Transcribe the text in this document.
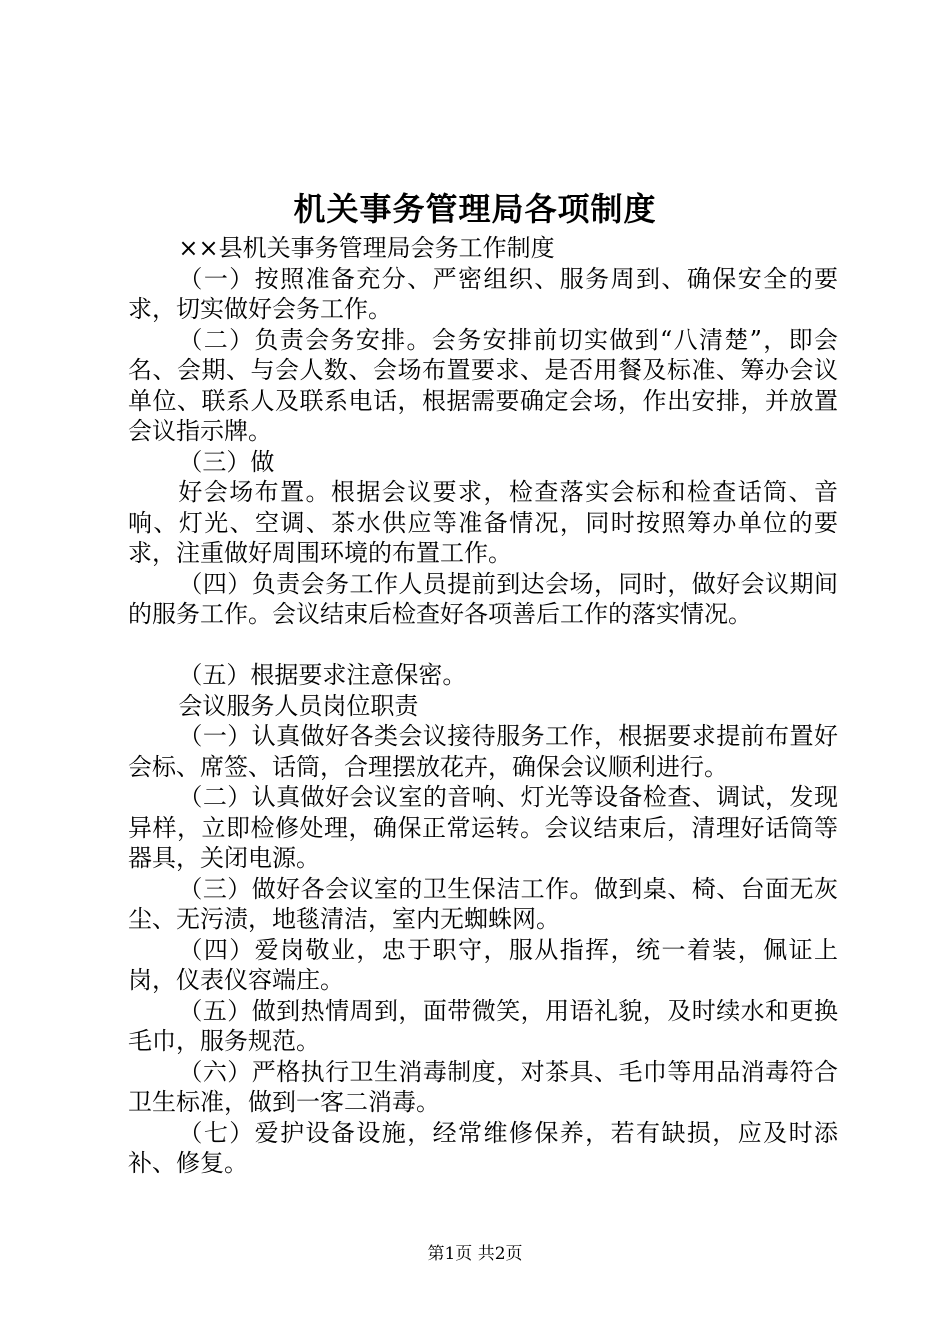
机关事务管理局各项制度

××县机关事务管理局会务工作制度

（一）按照准备充分、严密组织、服务周到、确保安全的要求，切实做好会务工作。

（二）负责会务安排。会务安排前切实做到“八清楚”，即会名、会期、与会人数、会场布置要求、是否用餐及标准、筹办会议单位、联系人及联系电话，根据需要确定会场，作出安排，并放置会议指示牌。

（三）做

好会场布置。根据会议要求，检查落实会标和检查话筒、音响、灯光、空调、茶水供应等准备情况，同时按照筹办单位的要求，注重做好周围环境的布置工作。

（四）负责会务工作人员提前到达会场，同时，做好会议期间的服务工作。会议结束后检查好各项善后工作的落实情况。

（五）根据要求注意保密。

会议服务人员岗位职责

（一）认真做好各类会议接待服务工作，根据要求提前布置好会标、席签、话筒，合理摆放花卉，确保会议顺利进行。

（二）认真做好会议室的音响、灯光等设备检查、调试，发现异样，立即检修处理，确保正常运转。会议结束后，清理好话筒等器具，关闭电源。

（三）做好各会议室的卫生保洁工作。做到桌、椅、台面无灰尘、无污渍，地毯清洁，室内无蜘蛛网。

（四）爱岗敬业，忠于职守，服从指挥，统一着装，佩证上岗，仪表仪容端庄。

（五）做到热情周到，面带微笑，用语礼貌，及时续水和更换毛巾，服务规范。

（六）严格执行卫生消毒制度，对茶具、毛巾等用品消毒符合卫生标准，做到一客二消毒。

（七）爱护设备设施，经常维修保养，若有缺损，应及时添补、修复。

第1页 共2页
